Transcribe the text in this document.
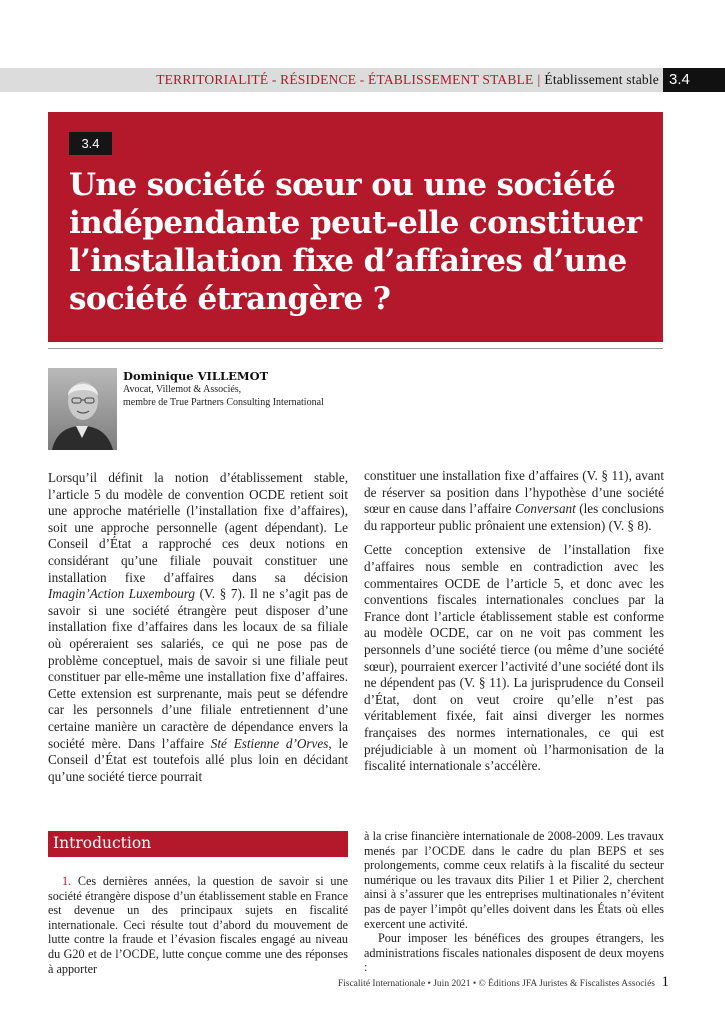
TERRITORIALITÉ - RÉSIDENCE - ÉTABLISSEMENT STABLE | Établissement stable 3.4
3.4
Une société sœur ou une société indépendante peut-elle constituer l’installation fixe d’affaires d’une société étrangère ?
Dominique VILLEMOT
Avocat, Villemot & Associés,
membre de True Partners Consulting International

Lorsqu’il définit la notion d’établissement stable, l’article 5 du modèle de convention OCDE retient soit une approche matérielle (l’installation fixe d’affaires), soit une approche personnelle (agent dépendant). Le Conseil d’État a rapproché ces deux notions en considérant qu’une filiale pouvait constituer une installation fixe d’affaires dans sa décision Imagin’Action Luxembourg (V. § 7). Il ne s’agit pas de savoir si une société étrangère peut disposer d’une installation fixe d’affaires dans les locaux de sa filiale où opéreraient ses salariés, ce qui ne pose pas de problème conceptuel, mais de savoir si une filiale peut constituer par elle-même une installation fixe d’affaires. Cette extension est surprenante, mais peut se défendre car les personnels d’une filiale entretiennent d’une certaine manière un caractère de dépendance envers la société mère. Dans l’affaire Sté Estienne d’Orves, le Conseil d’État est toutefois allé plus loin en décidant qu’une société tierce pourrait

constituer une installation fixe d’affaires (V. § 11), avant de réserver sa position dans l’hypothèse d’une société sœur en cause dans l’affaire Conversant (les conclusions du rapporteur public prônaient une extension) (V. § 8).

Cette conception extensive de l’installation fixe d’affaires nous semble en contradiction avec les commentaires OCDE de l’article 5, et donc avec les conventions fiscales internationales conclues par la France dont l’article établissement stable est conforme au modèle OCDE, car on ne voit pas comment les personnels d’une société tierce (ou même d’une société sœur), pourraient exercer l’activité d’une société dont ils ne dépendent pas (V. § 11). La jurisprudence du Conseil d’État, dont on veut croire qu’elle n’est pas véritablement fixée, fait ainsi diverger les normes françaises des normes internationales, ce qui est préjudiciable à un moment où l’harmonisation de la fiscalité internationale s’accélère.

Introduction

1. Ces dernières années, la question de savoir si une société étrangère dispose d’un établissement stable en France est devenue un des principaux sujets en fiscalité internationale. Ceci résulte tout d’abord du mouvement de lutte contre la fraude et l’évasion fiscales engagé au niveau du G20 et de l’OCDE, lutte conçue comme une des réponses à apporter

à la crise financière internationale de 2008-2009. Les travaux menés par l’OCDE dans le cadre du plan BEPS et ses prolongements, comme ceux relatifs à la fiscalité du secteur numérique ou les travaux dits Pilier 1 et Pilier 2, cherchent ainsi à s’assurer que les entreprises multinationales n’évitent pas de payer l’impôt qu’elles doivent dans les États où elles exercent une activité.

Pour imposer les bénéfices des groupes étrangers, les administrations fiscales nationales disposent de deux moyens :

Fiscalité Internationale • Juin 2021 • © Éditions JFA Juristes & Fiscalistes Associés 1
